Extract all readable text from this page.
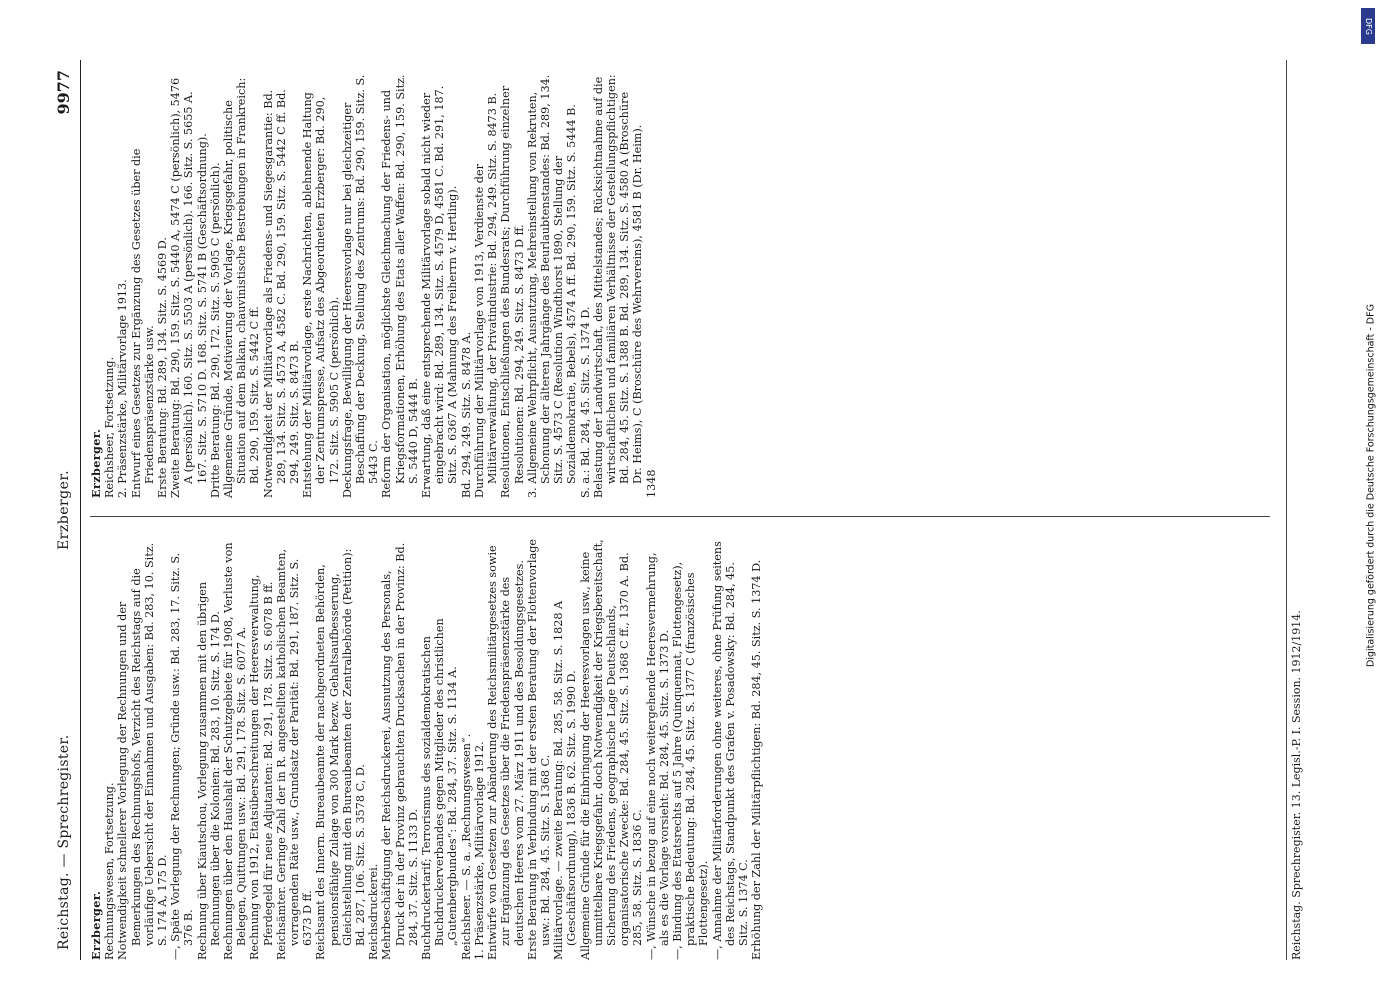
Reichstag. — Sprechregister.
Erzberger.
9977

Erzberger. Rechnungswesen, Fortsetzung. Notwendigkeit schnellerer Vorlegung der Rechnungen und der Bemerkungen des Rechnungshofs, Verzicht des Reichstags auf die vorläufige Uebersicht der Einnahmen und Ausgaben: Bd. 283, 10. Sitz. S. 174 A, 175 D. —, Späte Vorlegung der Rechnungen; Gründe usw.: Bd. 283, 17. Sitz. S. 376 B. Rechnung über Kiautschou, Vorlegung zusammen mit den übrigen Rechnungen über die Kolonien: Bd. 283, 10. Sitz. S. 174 D. Rechnungen über den Haushalt der Schutzgebiete für 1908, Verluste von Belegen, Quittungen usw.: Bd. 291, 178. Sitz. S. 6077 A. Rechnung von 1912, Etatsüberschreitungen der Heeresverwaltung, Pferdegeld für neue Adjutanten: Bd. 291, 178. Sitz. S. 6078 B ff. Reichsämter. Geringe Zahl der in R. angestellten katholischen Beamten, vorragenden Räte usw., Grundsatz der Parität: Bd. 291, 187. Sitz. S. 6373 D ff. Reichsamt des Innern. Bureaubeamte der nachgeordneten Behörden, pensionsfähige Zulage von 300 Mark bezw. Gehaltsaufbesserung, Gleichstellung mit den Bureaubeamten der Zentralbehörde (Petition): Bd. 287, 106. Sitz. S. 3578 C, D. Reichsdruckerei. Mehrbeschäftigung der Reichsdruckerei, Ausnutzung des Personals, Druck der in der Provinz gebrauchten Drucksachen in der Provinz: Bd. 284, 37. Sitz. S. 1133 D. Buchdruckertarif; Terrorismus des sozialdemokratischen Buchdruckerverbandes gegen Mitglieder des christlichen „Gutenbergbundes“: Bd. 284, 37. Sitz. S. 1134 A. Reichsheer. — S. a. „Rechnungswesen“. 1. Präsenzstärke, Militärvorlage 1912. Entwürfe von Gesetzen zur Abänderung des Reichsmilitärgesetzes sowie zur Ergänzung des Gesetzes über die Friedenspräsenzstärke des deutschen Heeres vom 27. März 1911 und des Besoldungsgesetzes. Erste Beratung in Verbindung mit der ersten Beratung der Flottenvorlage usw.: Bd. 284, 45. Sitz. S. 1368 C. Militärvorlage. — zweite Beratung: Bd. 285, 58. Sitz. S. 1828 A (Geschäftsordnung), 1836 B. 62. Sitz. S. 1990 D. Allgemeine Gründe für die Einbringung der Heeresvorlagen usw., keine unmittelbare Kriegsgefahr, doch Notwendigkeit der Kriegsbereitschaft, Sicherung des Friedens, geographische Lage Deutschlands, organisatorische Zwecke: Bd. 284, 45. Sitz. S. 1368 C ff., 1370 A. Bd. 285, 58. Sitz. S. 1836 C. —, Wünsche in bezug auf eine noch weitergehende Heeresvermehrung, als es die Vorlage vorsieht: Bd. 284, 45. Sitz. S. 1373 D. —, Bindung des Etatsrechts auf 5 Jahre (Quinquennat, Flottengesetz), praktische Bedeutung: Bd. 284, 45. Sitz. S. 1377 C (französisches Flottengesetz). —, Annahme der Militärforderungen ohne weiteres, ohne Prüfung seitens des Reichstags, Standpunkt des Grafen v. Posadowsky: Bd. 284, 45. Sitz. S. 1374 C. Erhöhung der Zahl der Militärpflichtigen: Bd. 284, 45. Sitz. S. 1374 D.

Erzberger. Reichsheer, Fortsetzung. 2. Präsenzstärke, Militärvorlage 1913. Entwurf eines Gesetzes zur Ergänzung des Gesetzes über die Friedenspräsenzstärke usw. Erste Beratung: Bd. 289, 134. Sitz. S. 4569 D. Zweite Beratung: Bd. 290, 159. Sitz. S. 5440 A, 5474 C (persönlich), 5476 A (persönlich). 160. Sitz. S. 5503 A (persönlich). 166. Sitz. S. 5655 A. 167. Sitz. S. 5710 D. 168. Sitz. S. 5741 B (Geschäftsordnung). Dritte Beratung: Bd. 290, 172. Sitz. S. 5905 C (persönlich). Allgemeine Gründe, Motivierung der Vorlage, Kriegsgefahr, politische Situation auf dem Balkan, chauvinistische Bestrebungen in Frankreich: Bd. 290, 159. Sitz. S. 5442 C ff. Notwendigkeit der Militärvorlage als Friedens- und Siegesgarantie: Bd. 289, 134. Sitz. S. 4573 A, 4582 C. Bd. 290, 159. Sitz. S. 5442 C ff. Bd. 294, 249. Sitz. S. 8473 B. Entstehung der Militärvorlage, erste Nachrichten, ablehnende Haltung der Zentrumspresse, Aufsatz des Abgeordneten Erzberger: Bd. 290, 172. Sitz. S. 5905 C (persönlich). Deckungsfrage, Bewilligung der Heeresvorlage nur bei gleichzeitiger Beschaffung der Deckung, Stellung des Zentrums: Bd. 290, 159. Sitz. S. 5443 C. Reform der Organisation, möglichste Gleichmachung der Friedens- und Kriegsformationen, Erhöhung des Etats aller Waffen: Bd. 290, 159. Sitz. S. 5440 D, 5444 B. Erwartung, daß eine entsprechende Militärvorlage sobald nicht wieder eingebracht wird: Bd. 289, 134. Sitz. S. 4579 D, 4581 C. Bd. 291, 187. Sitz. S. 6367 A (Mahnung des Freiherrn v. Hertling). Bd. 294, 249. Sitz. S. 8478 A. Durchführung der Militärvorlage von 1913, Verdienste der Militärverwaltung, der Privatindustrie: Bd. 294, 249. Sitz. S. 8473 B. Resolutionen, Entschließungen des Bundesrats; Durchführung einzelner Resolutionen: Bd. 294, 249. Sitz. S. 8473 D ff. 3. Allgemeine Wehrpflicht, Ausnutzung, Mehreinstellung von Rekruten, Schonung der älteren Jahrgänge des Beurlaubtenstandes: Bd. 289, 134. Sitz. S. 4573 C (Resolution Windthorst 1890, Stellung der Sozialdemokratie, Bebels), 4574 A ff. Bd. 290, 159. Sitz. S. 5444 B. S. a.: Bd. 284, 45. Sitz. S. 1374 D. Belastung der Landwirtschaft, des Mittelstandes; Rücksichtnahme auf die wirtschaftlichen und familiären Verhältnisse der Gestellungspflichtigen: Bd. 284, 45. Sitz. S. 1388 B. Bd. 289, 134. Sitz. S. 4580 A (Broschüre Dr. Heims), C (Broschüre des Wehrvereins), 4581 B (Dr. Heim). 1348

Reichstag. Sprechregister. 13. Legisl.-P. I. Session. 1912/1914.
DFG
Digitalisierung gefördert durch die Deutsche Forschungsgemeinschaft - DFG
